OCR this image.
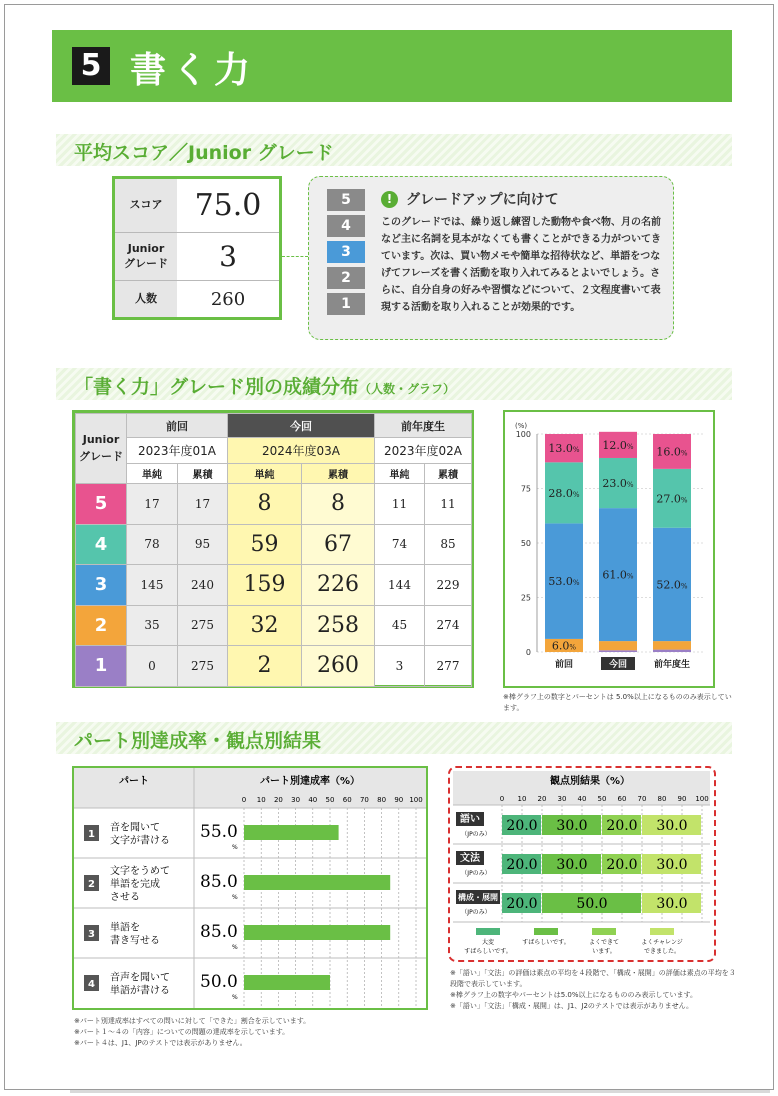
5 書く力
平均スコア／Junior グレード
スコア	75.0
Junior
グレード	3
人数	260
5
4
3
2
1
! グレードアップに向けて
このグレードでは、繰り返し練習した動物や食べ物、月の名前など主に名詞を見本がなくても書くことができる力がついてきています。次は、買い物メモや簡単な招待状など、単語をつなげてフレーズを書く活動を取り入れてみるとよいでしょう。さらに、自分自身の好みや習慣などについて、２文程度書いて表現する活動を取り入れることが効果的です。
「書く力」グレード別の成績分布（人数・グラフ）
Junior
グレード	前回		今回		前年度生	
	2023年度01A		2024年度03A		2023年度02A	
	単純	累積	単純	累積	単純	累積
5	17	17	8	8	11	11
4	78	95	59	67	74	85
3	145	240	159	226	144	229
2	35	275	32	258	45	274
1	0	275	2	260	3	277
(%)
100
75
50
25
0
6.0%
53.0%
28.0%
13.0%
前回
61.0%
23.0%
12.0%
今回
52.0%
27.0%
16.0%
前年度生
※棒グラフ上の数字とパーセントは 5.0%以上になるもののみ表示しています。
パート別達成率・観点別結果
パート	パート別達成率（%）
0 10 20 30 40 50 60 70 80 90 100
1
音を聞いて
文字が書ける 55.0
%
2
文字をうめて
単語を完成
させる
85.0
%
3
単語を
書き写せる 85.0
%
4
音声を聞いて
単語が書ける 50.0
%
※パート別達成率はすべての問いに対して「できた」割合を示しています。
※パート１〜４の「内容」についての問題の達成率を示しています。
※パート４は、J1、JPのテストでは表示がありません。
観点別結果（%）
0 10 20 30 40 50 60 70 80 90 100
語い
（JPのみ）
20.0 30.0 20.0 30.0
文法
（JPのみ）
20.0 30.0 20.0 30.0
構成・展開
（JPのみ）
20.0	50.0	30.0
大変
すばらしいです。
すばらしいです。	よくできて
います。
よくチャレンジ
できました。
※「語い」「文法」の評価は素点の平均を４段階で、「構成・展開」の評価は素点の平均を３段階で表示しています。
※棒グラフ上の数字やパーセントは5.0%以上になるもののみ表示しています。
※「語い」「文法」「構成・展開」は、J1、J2のテストでは表示がありません。
